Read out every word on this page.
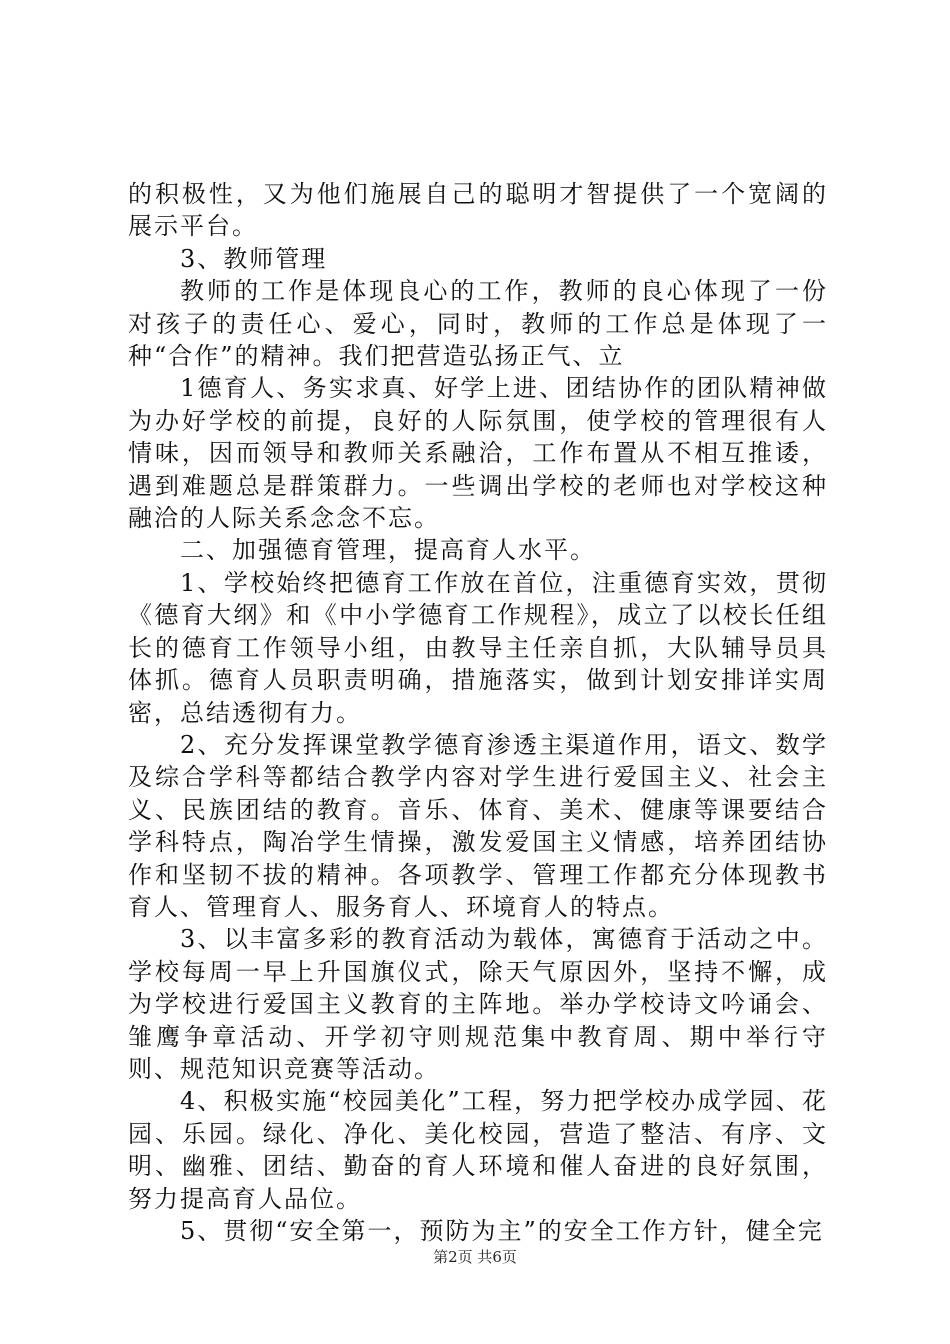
的积极性，又为他们施展自己的聪明才智提供了一个宽阔的展示平台。

3、教师管理

教师的工作是体现良心的工作，教师的良心体现了一份对孩子的责任心、爱心，同时，教师的工作总是体现了一种“合作”的精神。我们把营造弘扬正气、立

1德育人、务实求真、好学上进、团结协作的团队精神做为办好学校的前提，良好的人际氛围，使学校的管理很有人情味，因而领导和教师关系融洽，工作布置从不相互推诿，遇到难题总是群策群力。一些调出学校的老师也对学校这种融洽的人际关系念念不忘。

二、加强德育管理，提高育人水平。

1、学校始终把德育工作放在首位，注重德育实效，贯彻《德育大纲》和《中小学德育工作规程》，成立了以校长任组长的德育工作领导小组，由教导主任亲自抓，大队辅导员具体抓。德育人员职责明确，措施落实，做到计划安排详实周密，总结透彻有力。

2、充分发挥课堂教学德育渗透主渠道作用，语文、数学及综合学科等都结合教学内容对学生进行爱国主义、社会主义、民族团结的教育。音乐、体育、美术、健康等课要结合学科特点，陶冶学生情操，激发爱国主义情感，培养团结协作和坚韧不拔的精神。各项教学、管理工作都充分体现教书育人、管理育人、服务育人、环境育人的特点。

3、以丰富多彩的教育活动为载体，寓德育于活动之中。学校每周一早上升国旗仪式，除天气原因外，坚持不懈，成为学校进行爱国主义教育的主阵地。举办学校诗文吟诵会、雏鹰争章活动、开学初守则规范集中教育周、期中举行守则、规范知识竞赛等活动。

4、积极实施“校园美化”工程，努力把学校办成学园、花园、乐园。绿化、净化、美化校园，营造了整洁、有序、文明、幽雅、团结、勤奋的育人环境和催人奋进的良好氛围，努力提高育人品位。

5、贯彻“安全第一，预防为主”的安全工作方针，健全完

第2页 共6页
